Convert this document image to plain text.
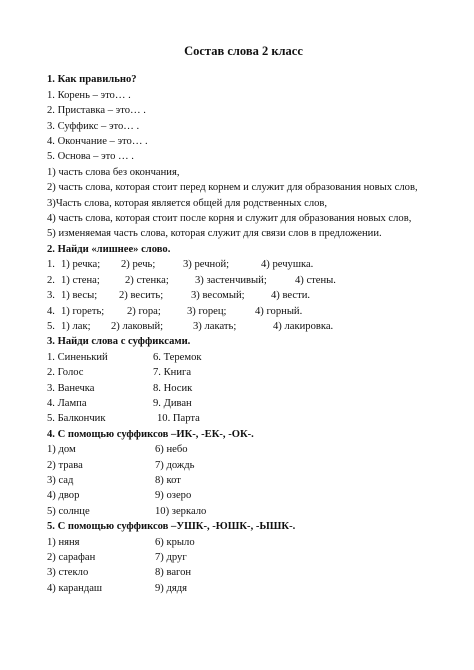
Состав слова 2 класс
1. Как правильно?
1. Корень – это… .
2. Приставка – это… .
3. Суффикс – это… .
4. Окончание – это… .
5. Основа – это … .
1) часть слова без окончания,
2) часть слова, которая стоит перед корнем и служит для образования новых слов,
3)Часть слова, которая является общей для родственных слов,
4) часть слова, которая стоит после корня и служит для образования новых слов,
5) изменяемая часть слова, которая служит для связи слов в предложении.
2. Найди «лишнее» слово.
1. 1) речка;	2) речь;	3) речной;	4) речушка.
2. 1) стена;	2) стенка;	3) застенчивый;	4) стены.
3. 1) весы;	2) весить;	3) весомый;	4) вести.
4. 1) гореть;	2) гора;	3) горец;	4) горный.
5. 1) лак;	2) лаковый;	3) лакать;	4) лакировка.
3. Найди слова с суффиксами.
1. Синенький	6. Теремок
2. Голос	7. Книга
3. Ванечка	8. Носик
4. Лампа	9. Диван
5. Балкончик	10. Парта
4. С помощью суффиксов –ИК-, -ЕК-, -ОК-.
1) дом	6) небо
2) трава	7) дождь
3) сад	8) кот
4) двор	9) озеро
5) солнце	10) зеркало
5. С помощью суффиксов –УШК-, -ЮШК-, -ЫШК-.
1) няня	6) крыло
2) сарафан	7) друг
3) стекло	8) вагон
4) карандаш	9) дядя
